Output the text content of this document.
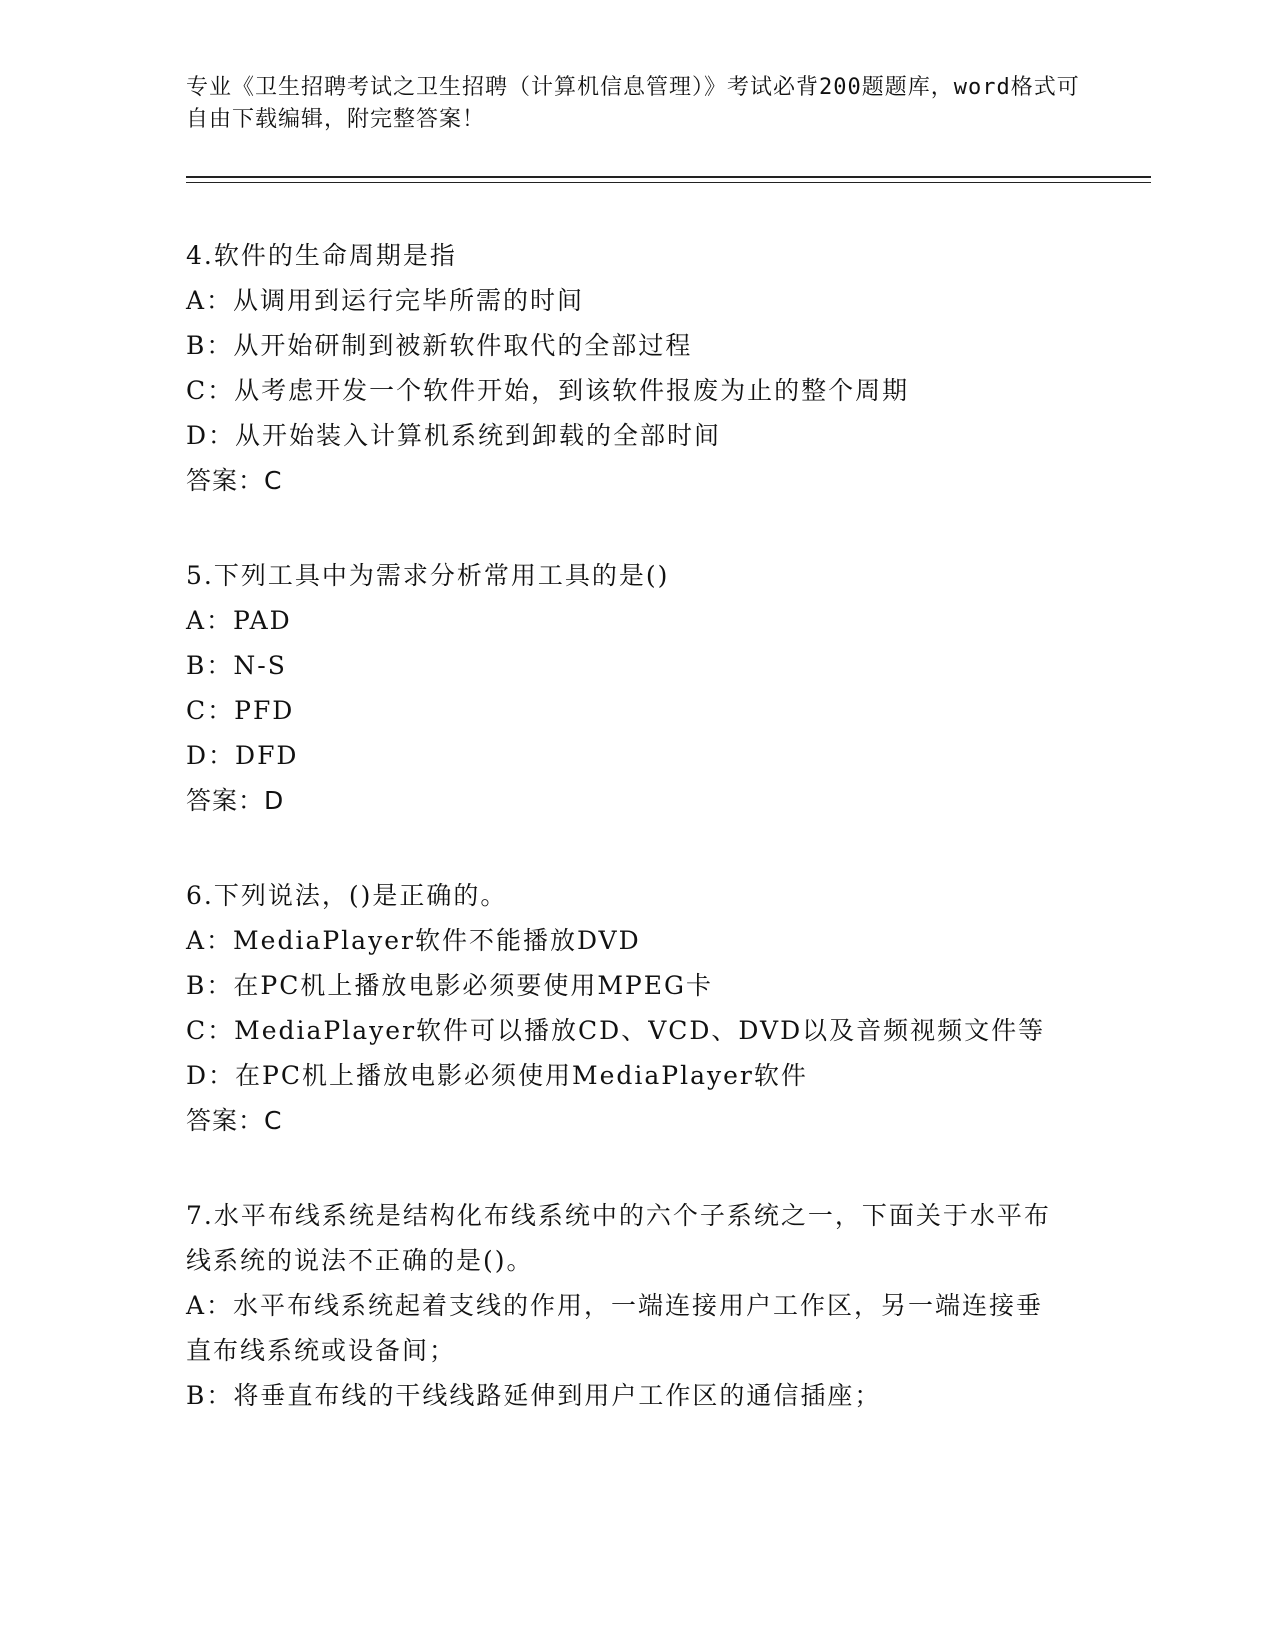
专业《卫生招聘考试之卫生招聘（计算机信息管理）》考试必背200题题库，word格式可自由下载编辑，附完整答案！

4.软件的生命周期是指

A：从调用到运行完毕所需的时间

B：从开始研制到被新软件取代的全部过程

C：从考虑开发一个软件开始，到该软件报废为止的整个周期

D：从开始装入计算机系统到卸载的全部时间

答案：C

5.下列工具中为需求分析常用工具的是()

A：PAD

B：N-S

C：PFD

D：DFD

答案：D

6.下列说法，()是正确的。

A：MediaPlayer软件不能播放DVD

B：在PC机上播放电影必须要使用MPEG卡

C：MediaPlayer软件可以播放CD、VCD、DVD以及音频视频文件等

D：在PC机上播放电影必须使用MediaPlayer软件

答案：C

7.水平布线系统是结构化布线系统中的六个子系统之一，下面关于水平布线系统的说法不正确的是()。

A：水平布线系统起着支线的作用，一端连接用户工作区，另一端连接垂直布线系统或设备间；

B：将垂直布线的干线线路延伸到用户工作区的通信插座；
